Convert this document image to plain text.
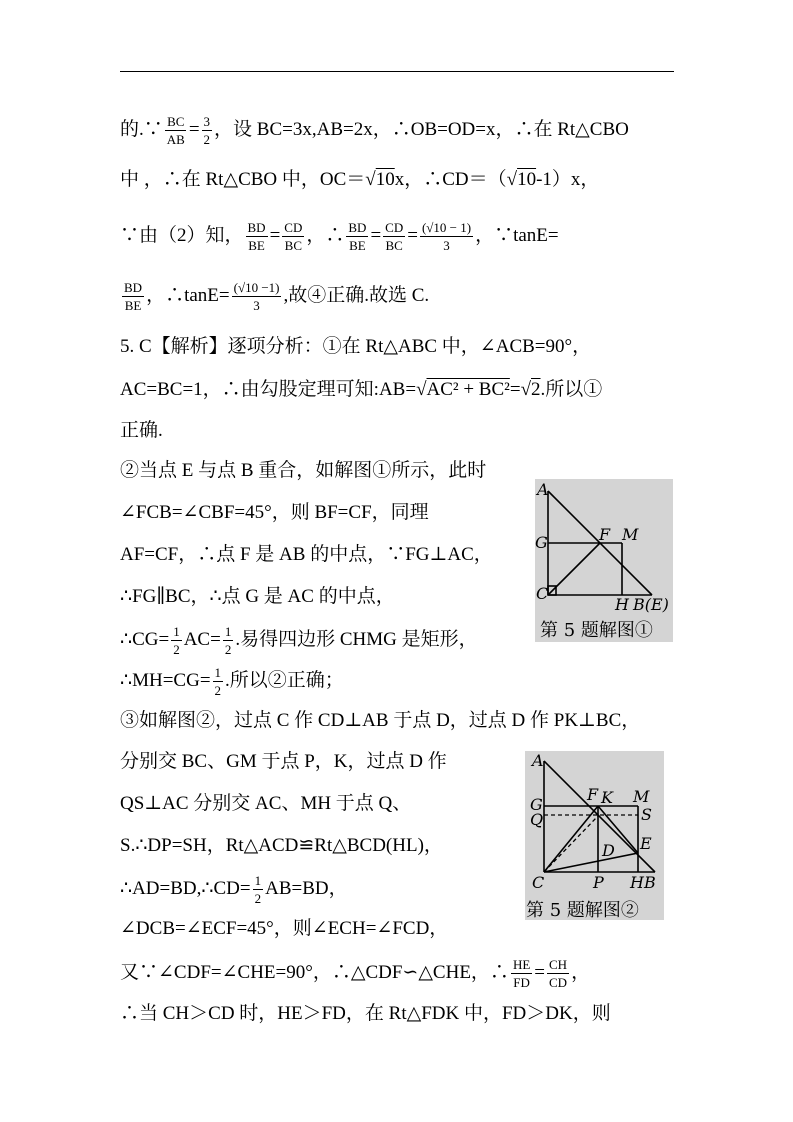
的.∵ $\frac{BC}{AB} = \frac{3}{2}$ ，设 BC=3x,AB=2x，∴OB=OD=x，∴在 Rt△CBO
中 ，∴在 Rt△CBO 中，OC＝√10x，∴CD＝（√10-1）x，
∵由（2）知， $\frac{BD}{BE} = \frac{CD}{BC}$ ，∴ $\frac{BD}{BE} = \frac{CD}{BC} = \frac{(√10 - 1)}{3}$ ，∵tanE=
$\frac{BD}{BE}$ ，∴tanE= $\frac{(√10 -1)}{3}$ ,故④正确.故选 C.
5. C【解析】逐项分析：①在 Rt△ABC 中，∠ACB=90°，
AC=BC=1，∴由勾股定理可知:AB=√AC² + BC²=√2.所以①
正确.
②当点 E 与点 B 重合，如解图①所示，此时
∠FCB=∠CBF=45°，则 BF=CF，同理
AF=CF，∴点 F 是 AB 的中点，∵FG⊥AC，
∴FG∥BC，∴点 G 是 AC 的中点，
∴CG= $\frac{1}{2} AC= \frac{1}{2}$ .易得四边形 CHMG 是矩形，
∴MH=CG= $\frac{1}{2}$ .所以②正确；
③如解图②，过点 C 作 CD⊥AB 于点 D，过点 D 作 PK⊥BC，
分别交 BC、GM 于点 P，K，过点 D 作
QS⊥AC 分别交 AC、MH 于点 Q、
S.∴DP=SH，Rt△ACD≌Rt△BCD(HL)，
∴AD=BD,∴CD= $\frac{1}{2} AB=BD$，
∠DCB=∠ECF=45°，则∠ECH=∠FCD，
又∵∠CDF=∠CHE=90°，∴△CDF∽△CHE，∴ $\frac{HE}{FD} = \frac{CH}{CD}$ ，
∴当 CH＞CD 时，HE＞FD，在 Rt△FDK 中，FD＞DK，则
A
G
C
F M
H B(E)
第 5 题解图①
A
G
Q
C
F K M
S
E
D
P H B
第 5 题解图②
